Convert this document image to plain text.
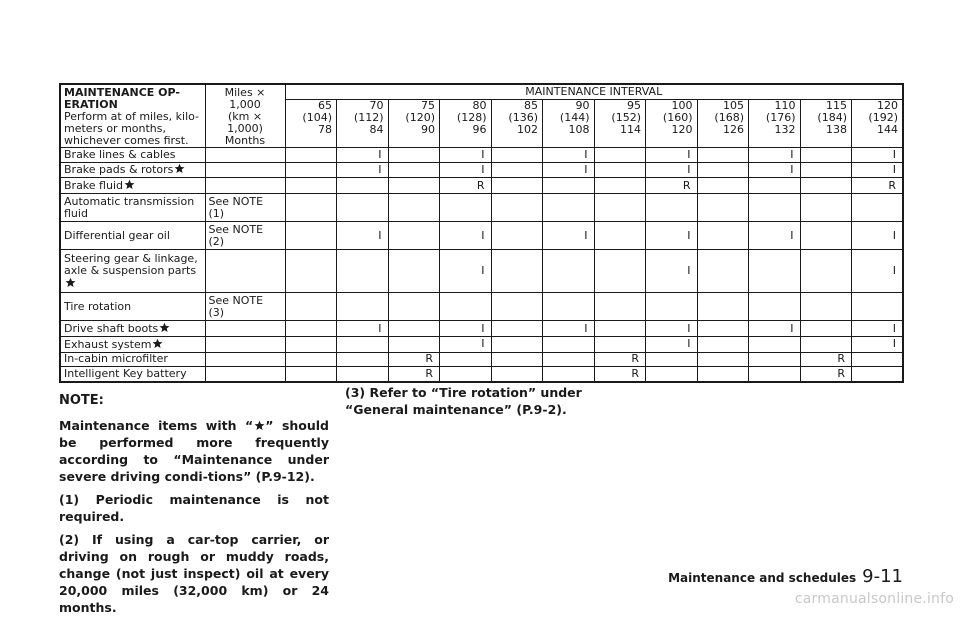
MAINTENANCE OP-
ERATION
Perform at of miles, kilo-
meters or months,
whichever comes first.	Miles × 1,000
(km × 1,000)
Months	MAINTENANCE INTERVAL											

		65
(104)
78	70
(112)
84	75
(120)
90	80
(128)
96	85
(136)
102	90
(144)
108	95
(152)
114	100
(160)
120	105
(168)
126	110
(176)
132	115
(184)
138	120
(192)
144

Brake lines & cables			I		I		I		I		I		I
Brake pads & rotors			I		I		I		I		I		I
Brake fluid					R				R				R
Automatic transmission
fluid	See NOTE (1)												
Differential gear oil	See NOTE (2)		I		I		I		I		I		I
Steering gear & linkage,
axle & suspension parts					I				I				I
Tire rotation	See NOTE (3)												
Drive shaft boots			I		I		I		I		I		I
Exhaust system					I				I				I
In-cabin microfilter				R				R				R	
Intelligent Key battery				R				R				R	

NOTE:

Maintenance items with “ ” should be performed more frequently according to “Maintenance under severe driving condi-tions” (P.9-12).

(1) Periodic maintenance is not required.

(2) If using a car-top carrier, or driving on rough or muddy roads, change (not just inspect) oil at every 20,000 miles (32,000 km) or 24 months.

(3) Refer to “Tire rotation” under “General maintenance” (P.9-2).

Maintenance and schedules 9-11
carmanualsonline.info
